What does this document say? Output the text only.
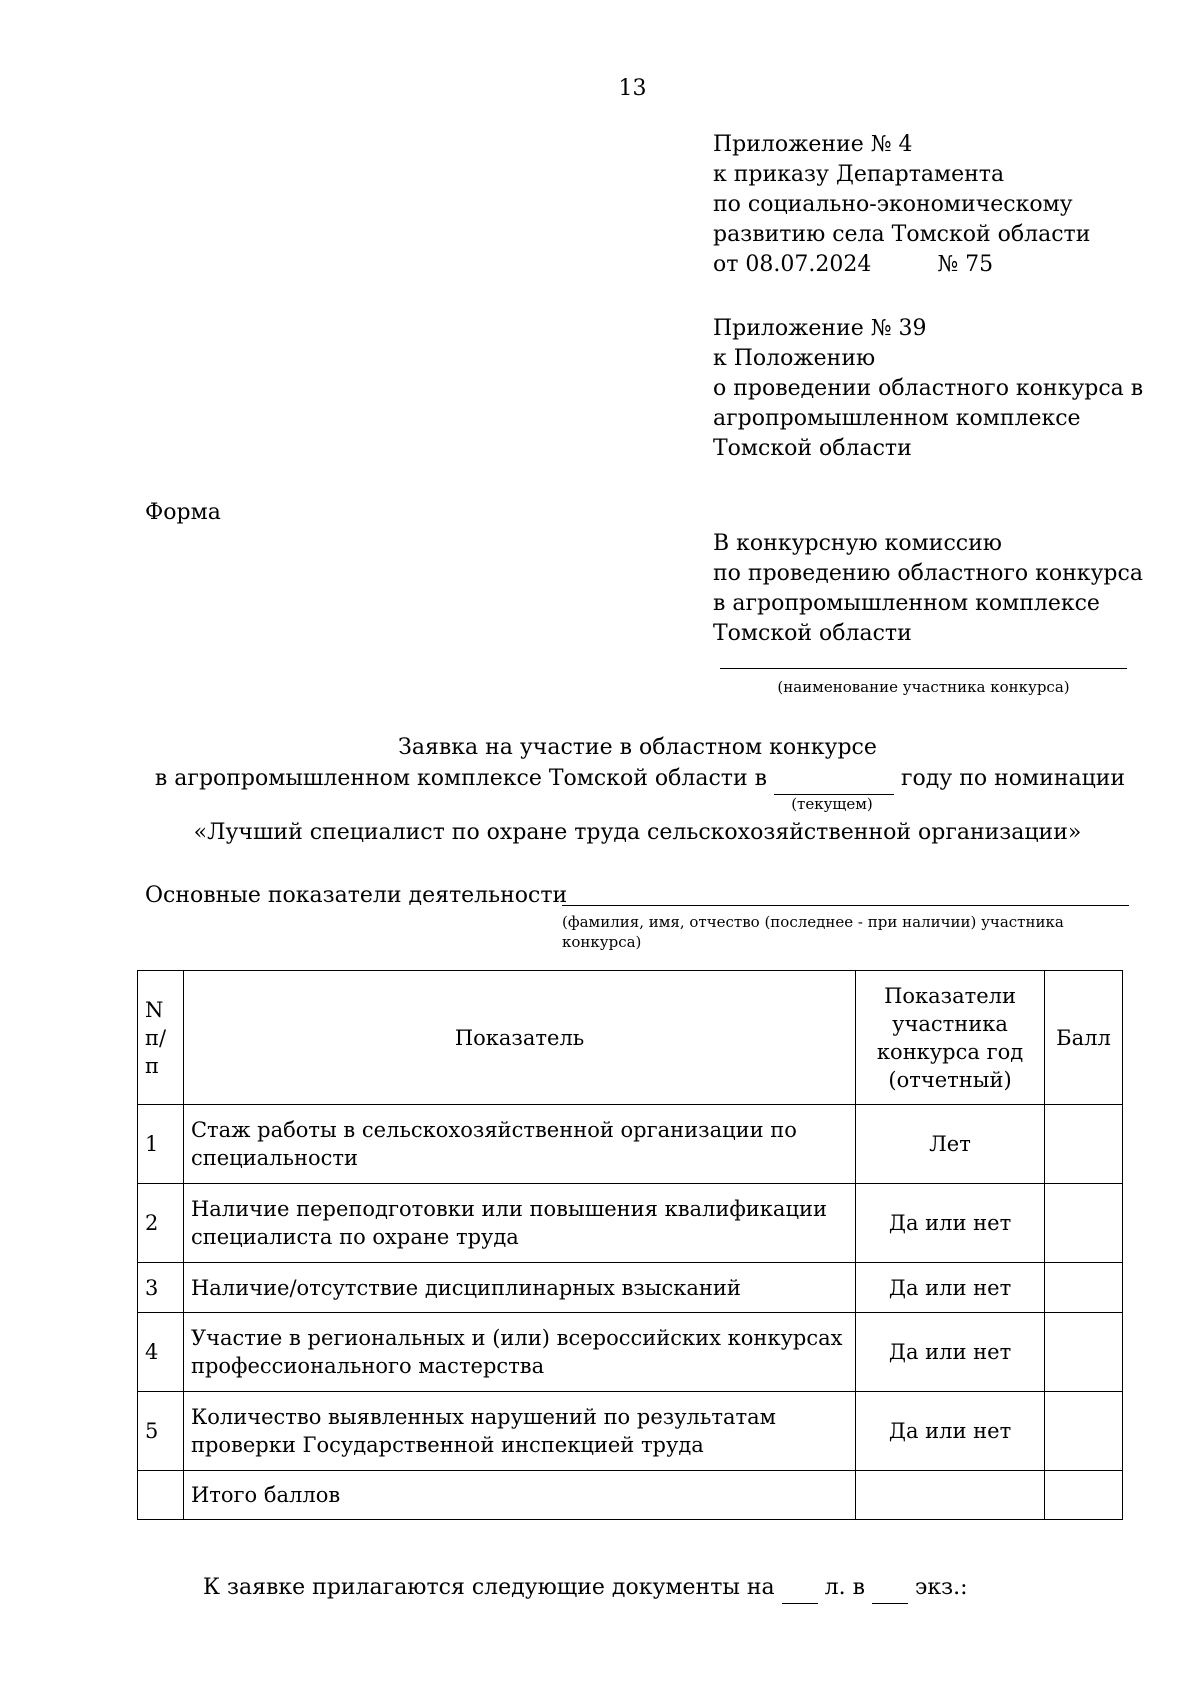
13

Приложение № 4

к приказу Департамента

по социально-экономическому

развитию села Томской области

от 08.07.2024	№ 75

Приложение № 39

к Положению

о проведении областного конкурса в

агропромышленном комплексе

Томской области

Форма

В конкурсную комиссию

по проведению областного конкурса

в агропромышленном комплексе

Томской области

(наименование участника конкурса)
Заявка на участие в областном конкурсе
в агропромышленном комплексе Томской области в	году по номинации
(текущем)
«Лучший специалист по охране труда сельскохозяйственной организации»
Основные показатели деятельности
(фамилия, имя, отчество (последнее - при наличии) участника конкурса)
N п/п	Показатель	Показатели участника конкурса год (отчетный)	Балл
1	Стаж работы в сельскохозяйственной организации по специальности	Лет	
2	Наличие переподготовки или повышения квалификации специалиста по охране труда	Да или нет	
3	Наличие/отсутствие дисциплинарных взысканий	Да или нет	
4	Участие в региональных и (или) всероссийских конкурсах профессионального мастерства	Да или нет	
5	Количество выявленных нарушений по результатам проверки Государственной инспекцией труда	Да или нет	
	Итого баллов		
К заявке прилагаются следующие документы на л. в экз.:
